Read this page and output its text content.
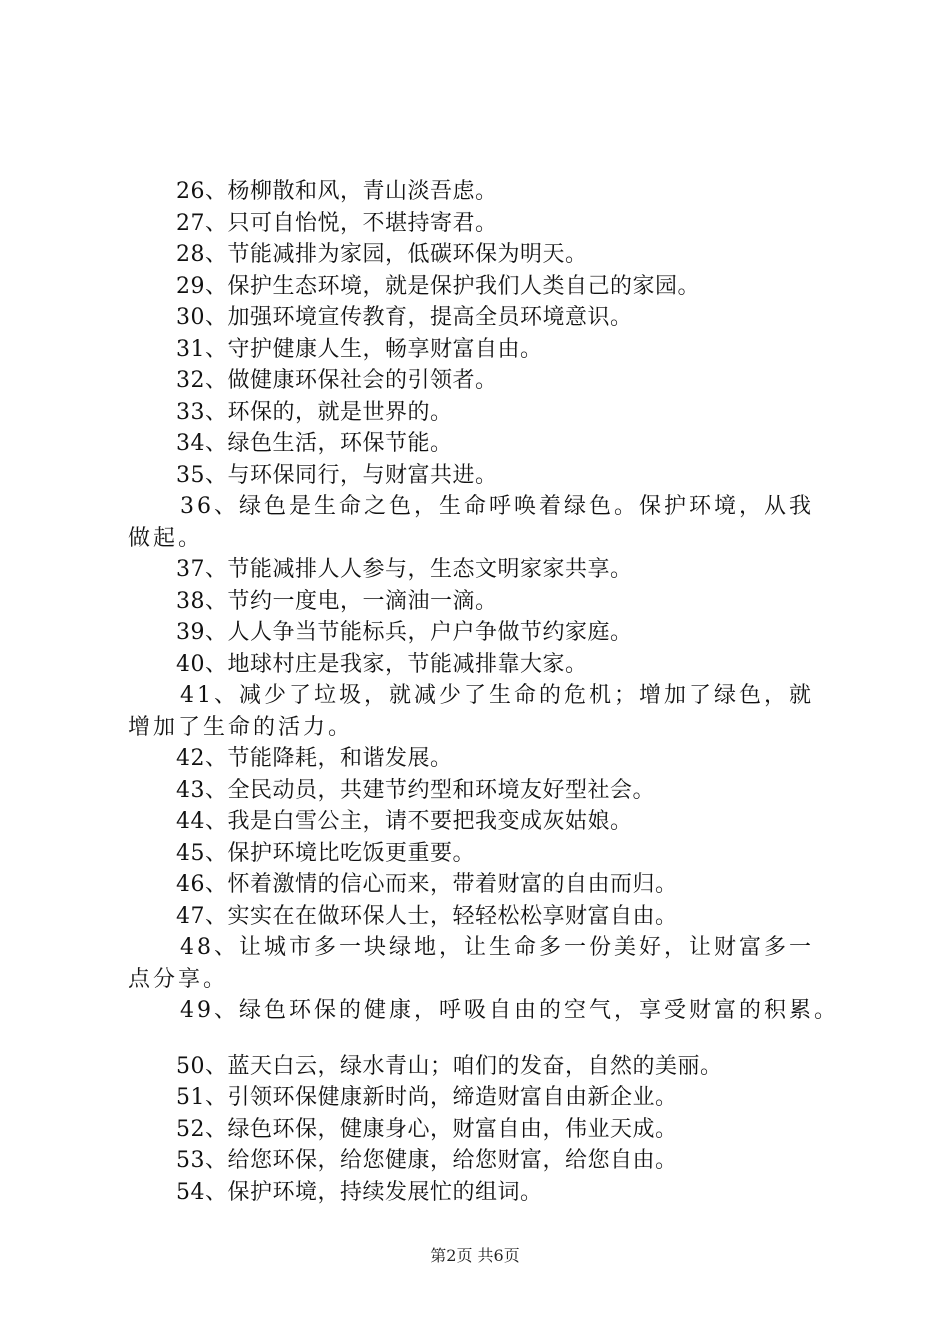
26、杨柳散和风，青山淡吾虑。
27、只可自怡悦，不堪持寄君。
28、节能减排为家园，低碳环保为明天。
29、保护生态环境，就是保护我们人类自己的家园。
30、加强环境宣传教育，提高全员环境意识。
31、守护健康人生，畅享财富自由。
32、做健康环保社会的引领者。
33、环保的，就是世界的。
34、绿色生活，环保节能。
35、与环保同行，与财富共进。
36、绿色是生命之色，生命呼唤着绿色。保护环境，从我做起。
37、节能减排人人参与，生态文明家家共享。
38、节约一度电，一滴油一滴。
39、人人争当节能标兵，户户争做节约家庭。
40、地球村庄是我家，节能减排靠大家。
41、减少了垃圾，就减少了生命的危机；增加了绿色，就增加了生命的活力。
42、节能降耗，和谐发展。
43、全民动员，共建节约型和环境友好型社会。
44、我是白雪公主，请不要把我变成灰姑娘。
45、保护环境比吃饭更重要。
46、怀着激情的信心而来，带着财富的自由而归。
47、实实在在做环保人士，轻轻松松享财富自由。
48、让城市多一块绿地，让生命多一份美好，让财富多一点分享。
49、绿色环保的健康，呼吸自由的空气，享受财富的积累。
50、蓝天白云，绿水青山；咱们的发奋，自然的美丽。
51、引领环保健康新时尚，缔造财富自由新企业。
52、绿色环保，健康身心，财富自由，伟业天成。
53、给您环保，给您健康，给您财富，给您自由。
54、保护环境，持续发展忙的组词。
第2页 共6页
